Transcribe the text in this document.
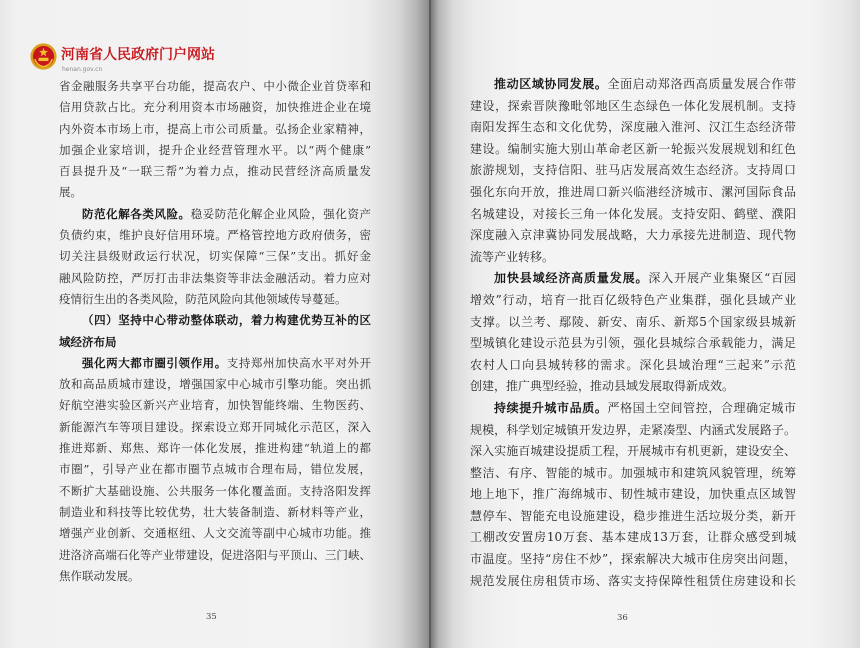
河南省人民政府门户网站
henan.gov.cn
省金融服务共享平台功能，提高农户、中小微企业首贷率和
信用贷款占比。充分利用资本市场融资，加快推进企业在境
内外资本市场上市，提高上市公司质量。弘扬企业家精神，
加强企业家培训，提升企业经营管理水平。以“两个健康”
百县提升及“一联三帮”为着力点，推动民营经济高质量发
展。
防范化解各类风险。稳妥防范化解企业风险，强化资产
负债约束，维护良好信用环境。严格管控地方政府债务，密
切关注县级财政运行状况，切实保障“三保”支出。抓好金
融风险防控，严厉打击非法集资等非法金融活动。着力应对
疫情衍生出的各类风险，防范风险向其他领域传导蔓延。
（四）坚持中心带动整体联动，着力构建优势互补的区
域经济布局
强化两大都市圈引领作用。支持郑州加快高水平对外开
放和高品质城市建设，增强国家中心城市引擎功能。突出抓
好航空港实验区新兴产业培育，加快智能终端、生物医药、
新能源汽车等项目建设。探索设立郑开同城化示范区，深入
推进郑新、郑焦、郑许一体化发展，推进构建“轨道上的都
市圈”，引导产业在都市圈节点城市合理布局，错位发展，
不断扩大基础设施、公共服务一体化覆盖面。支持洛阳发挥
制造业和科技等比较优势，壮大装备制造、新材料等产业，
增强产业创新、交通枢纽、人文交流等副中心城市功能。推
进洛济高端石化等产业带建设，促进洛阳与平顶山、三门峡、
焦作联动发展。
35
推动区域协同发展。全面启动郑洛西高质量发展合作带
建设，探索晋陕豫毗邻地区生态绿色一体化发展机制。支持
南阳发挥生态和文化优势，深度融入淮河、汉江生态经济带
建设。编制实施大别山革命老区新一轮振兴发展规划和红色
旅游规划，支持信阳、驻马店发展高效生态经济。支持周口
强化东向开放，推进周口新兴临港经济城市、漯河国际食品
名城建设，对接长三角一体化发展。支持安阳、鹤壁、濮阳
深度融入京津冀协同发展战略，大力承接先进制造、现代物
流等产业转移。
加快县域经济高质量发展。深入开展产业集聚区“百园
增效”行动，培育一批百亿级特色产业集群，强化县域产业
支撑。以兰考、鄢陵、新安、南乐、新郑5个国家级县城新
型城镇化建设示范县为引领，强化县城综合承载能力，满足
农村人口向县城转移的需求。深化县域治理“三起来”示范
创建，推广典型经验，推动县域发展取得新成效。
持续提升城市品质。严格国土空间管控，合理确定城市
规模，科学划定城镇开发边界，走紧凑型、内涵式发展路子。
深入实施百城建设提质工程，开展城市有机更新，建设安全、
整洁、有序、智能的城市。加强城市和建筑风貌管理，统筹
地上地下，推广海绵城市、韧性城市建设，加快重点区域智
慧停车、智能充电设施建设，稳步推进生活垃圾分类，新开
工棚改安置房10万套、基本建成13万套，让群众感受到城
市温度。坚持“房住不炒”，探索解决大城市住房突出问题，
规范发展住房租赁市场、落实支持保障性租赁住房建设和长
36
